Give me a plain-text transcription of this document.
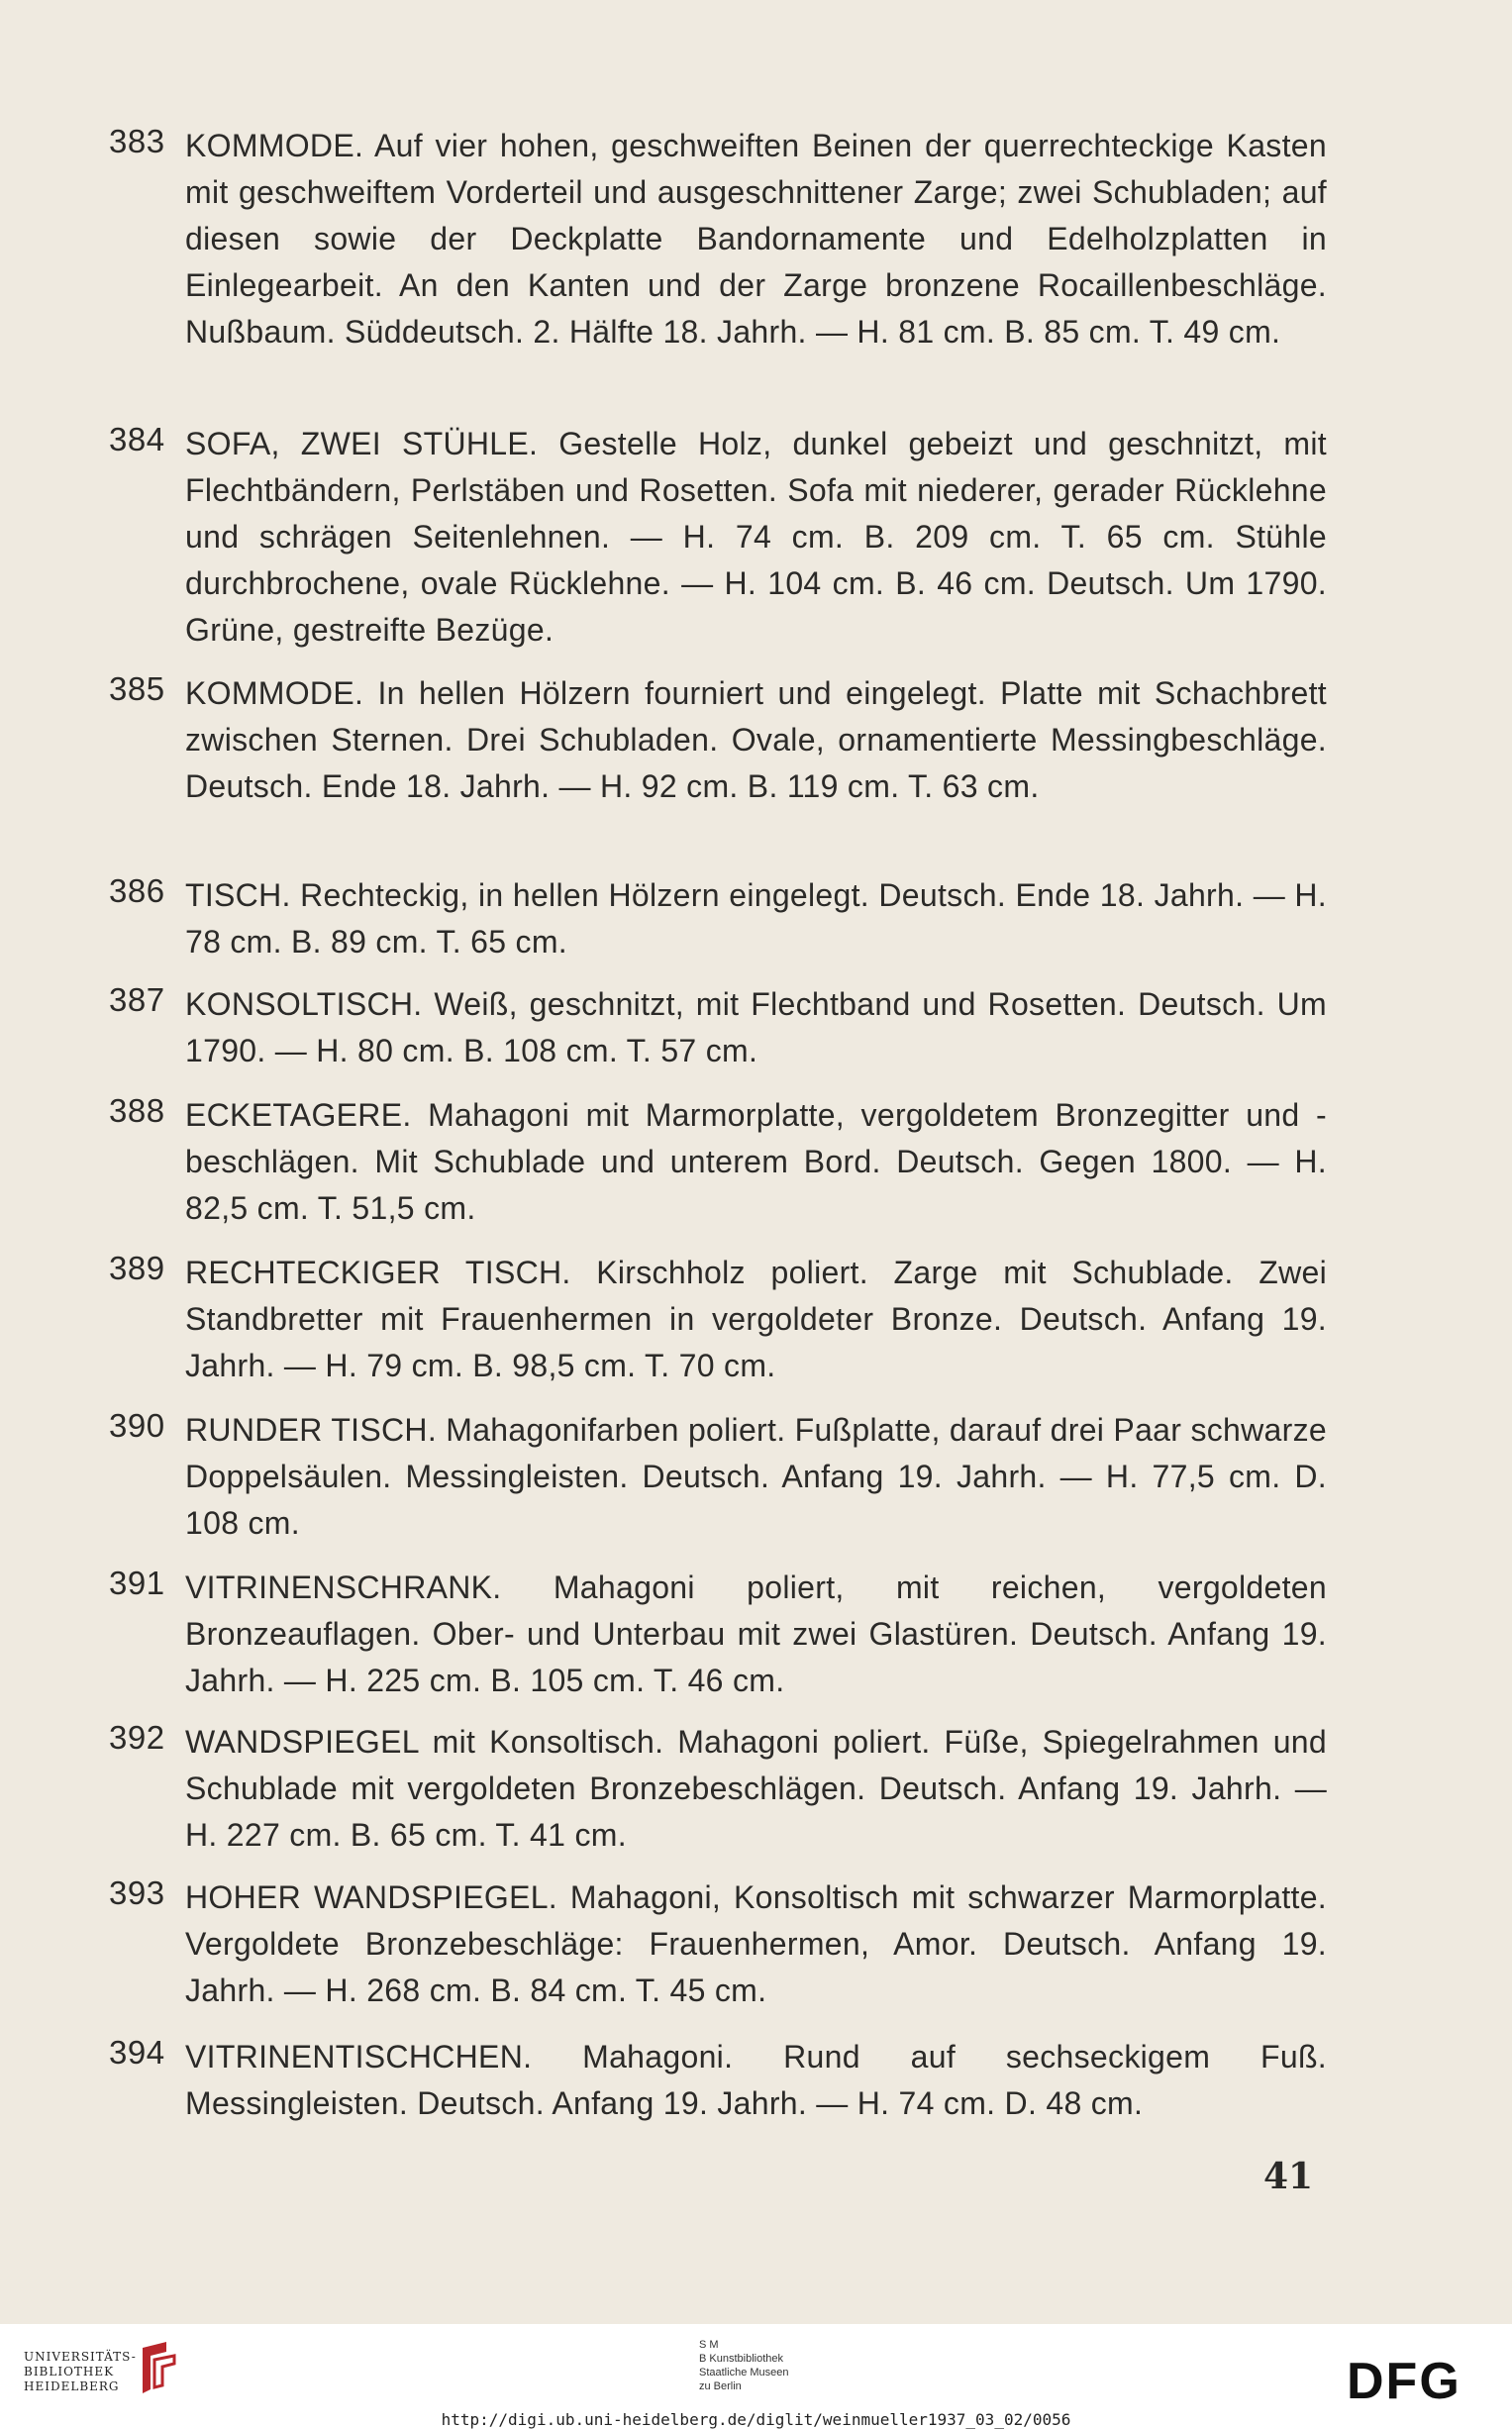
383 KOMMODE. Auf vier hohen, geschweiften Beinen der querrechteckige Kasten mit geschweiftem Vorderteil und ausgeschnittener Zarge; zwei Schubladen; auf diesen sowie der Deckplatte Bandornamente und Edelholzplatten in Einlegearbeit. An den Kanten und der Zarge bronzene Rocaillenbeschläge. Nußbaum. Süddeutsch. 2. Hälfte 18. Jahrh. — H. 81 cm. B. 85 cm. T. 49 cm.
384 SOFA, ZWEI STÜHLE. Gestelle Holz, dunkel gebeizt und geschnitzt, mit Flechtbändern, Perlstäben und Rosetten. Sofa mit niederer, gerader Rücklehne und schrägen Seitenlehnen. — H. 74 cm. B. 209 cm. T. 65 cm. Stühle durchbrochene, ovale Rücklehne. — H. 104 cm. B. 46 cm. Deutsch. Um 1790. Grüne, gestreifte Bezüge.
385 KOMMODE. In hellen Hölzern fourniert und eingelegt. Platte mit Schachbrett zwischen Sternen. Drei Schubladen. Ovale, ornamentierte Messingbeschläge. Deutsch. Ende 18. Jahrh. — H. 92 cm. B. 119 cm. T. 63 cm.
386 TISCH. Rechteckig, in hellen Hölzern eingelegt. Deutsch. Ende 18. Jahrh. — H. 78 cm. B. 89 cm. T. 65 cm.
387 KONSOLTISCH. Weiß, geschnitzt, mit Flechtband und Rosetten. Deutsch. Um 1790. — H. 80 cm. B. 108 cm. T. 57 cm.
388 ECKETAGERE. Mahagoni mit Marmorplatte, vergoldetem Bronzegitter und -beschlägen. Mit Schublade und unterem Bord. Deutsch. Gegen 1800. — H. 82,5 cm. T. 51,5 cm.
389 RECHTECKIGER TISCH. Kirschholz poliert. Zarge mit Schublade. Zwei Standbretter mit Frauenhermen in vergoldeter Bronze. Deutsch. Anfang 19. Jahrh. — H. 79 cm. B. 98,5 cm. T. 70 cm.
390 RUNDER TISCH. Mahagonifarben poliert. Fußplatte, darauf drei Paar schwarze Doppelsäulen. Messingleisten. Deutsch. Anfang 19. Jahrh. — H. 77,5 cm. D. 108 cm.
391 VITRINENSCHRANK. Mahagoni poliert, mit reichen, vergoldeten Bronzeauflagen. Ober- und Unterbau mit zwei Glastüren. Deutsch. Anfang 19. Jahrh. — H. 225 cm. B. 105 cm. T. 46 cm.
392 WANDSPIEGEL mit Konsoltisch. Mahagoni poliert. Füße, Spiegelrahmen und Schublade mit vergoldeten Bronzebeschlägen. Deutsch. Anfang 19. Jahrh. — H. 227 cm. B. 65 cm. T. 41 cm.
393 HOHER WANDSPIEGEL. Mahagoni, Konsoltisch mit schwarzer Marmorplatte. Vergoldete Bronzebeschläge: Frauenhermen, Amor. Deutsch. Anfang 19. Jahrh. — H. 268 cm. B. 84 cm. T. 45 cm.
394 VITRINENTISCHCHEN. Mahagoni. Rund auf sechseckigem Fuß. Messingleisten. Deutsch. Anfang 19. Jahrh. — H. 74 cm. D. 48 cm.
41
UNIVERSITÄTS-
BIBLIOTHEK
HEIDELBERG
S M
B Kunstbibliothek
Staatliche Museen
zu Berlin	DFG
http://digi.ub.uni-heidelberg.de/diglit/weinmueller1937_03_02/0056
